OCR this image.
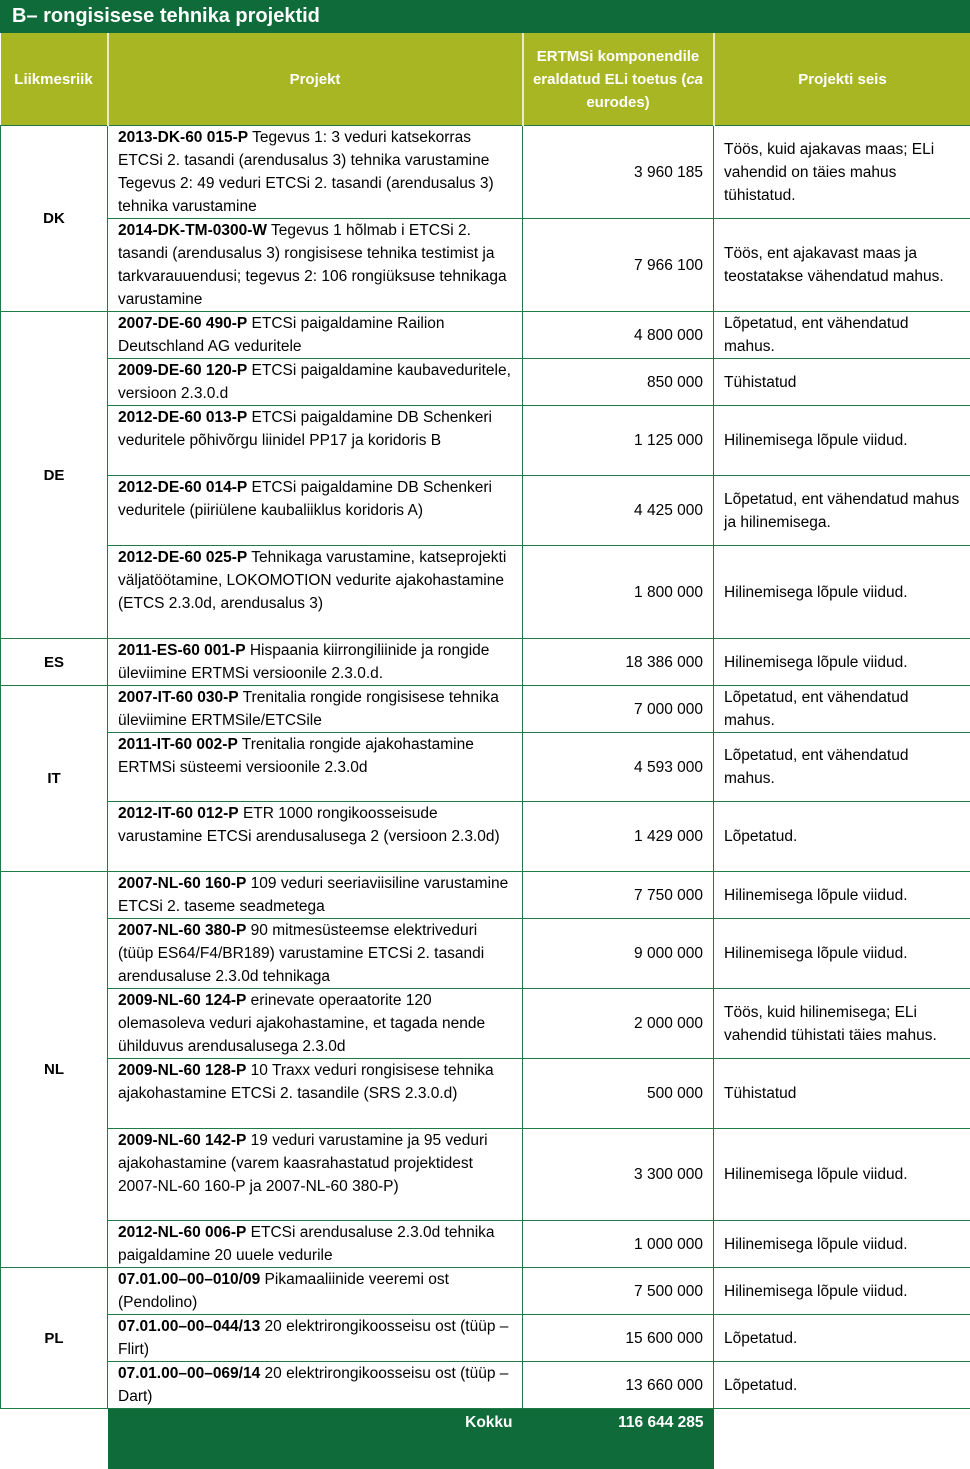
B– rongisisese tehnika projektid
Liikmesriik	Projekt	ERTMSi komponendile eraldatud ELi toetus (ca eurodes)	Projekti seis
DK	2013-DK-60 015-P Tegevus 1: 3 veduri katsekorras ETCSi 2. tasandi (arendusalus 3) tehnika varustamine Tegevus 2: 49 veduri ETCSi 2. tasandi (arendusalus 3) tehnika varustamine	3 960 185	Töös, kuid ajakavas maas; ELi vahendid on täies mahus tühistatud.
	2014-DK-TM-0300-W Tegevus 1 hõlmab i ETCSi 2. tasandi (arendusalus 3) rongisisese tehnika testimist ja tarkvarauuendusi; tegevus 2: 106 rongiüksuse tehnikaga varustamine	7 966 100	Töös, ent ajakavast maas ja teostatakse vähendatud mahus.
DE	2007-DE-60 490-P ETCSi paigaldamine Railion Deutschland AG veduritele	4 800 000	Lõpetatud, ent vähendatud mahus.
	2009-DE-60 120-P ETCSi paigaldamine kaubaveduritele, versioon 2.3.0.d	850 000	Tühistatud
	2012-DE-60 013-P ETCSi paigaldamine DB Schenkeri veduritele põhivõrgu liinidel PP17 ja koridoris B	1 125 000	Hilinemisega lõpule viidud.
	2012-DE-60 014-P ETCSi paigaldamine DB Schenkeri veduritele (piiriülene kaubaliiklus koridoris A)	4 425 000	Lõpetatud, ent vähendatud mahus ja hilinemisega.
	2012-DE-60 025-P Tehnikaga varustamine, katseprojekti väljatöötamine, LOKOMOTION vedurite ajakohastamine (ETCS 2.3.0d, arendusalus 3)	1 800 000	Hilinemisega lõpule viidud.
ES	2011-ES-60 001-P Hispaania kiirrongiliinide ja rongide üleviimine ERTMSi versioonile 2.3.0.d.	18 386 000	Hilinemisega lõpule viidud.
IT	2007-IT-60 030-P Trenitalia rongide rongisisese tehnika üleviimine ERTMSile/ETCSile	7 000 000	Lõpetatud, ent vähendatud mahus.
	2011-IT-60 002-P Trenitalia rongide ajakohastamine ERTMSi süsteemi versioonile 2.3.0d	4 593 000	Lõpetatud, ent vähendatud mahus.
	2012-IT-60 012-P ETR 1000 rongikoosseisude varustamine ETCSi arendusalusega 2 (versioon 2.3.0d)	1 429 000	Lõpetatud.
NL	2007-NL-60 160-P 109 veduri seeriaviisiline varustamine ETCSi 2. taseme seadmetega	7 750 000	Hilinemisega lõpule viidud.
	2007-NL-60 380-P 90 mitmesüsteemse elektriveduri (tüüp ES64/F4/BR189) varustamine ETCSi 2. tasandi arendusaluse 2.3.0d tehnikaga	9 000 000	Hilinemisega lõpule viidud.
	2009-NL-60 124-P erinevate operaatorite 120 olemasoleva veduri ajakohastamine, et tagada nende ühilduvus arendusalusega 2.3.0d	2 000 000	Töös, kuid hilinemisega; ELi vahendid tühistati täies mahus.
	2009-NL-60 128-P 10 Traxx veduri rongisisese tehnika ajakohastamine ETCSi 2. tasandile (SRS 2.3.0.d)	500 000	Tühistatud
	2009-NL-60 142-P 19 veduri varustamine ja 95 veduri ajakohastamine (varem kaasrahastatud projektidest 2007-NL-60 160-P ja 2007-NL-60 380-P)	3 300 000	Hilinemisega lõpule viidud.
	2012-NL-60 006-P ETCSi arendusaluse 2.3.0d tehnika paigaldamine 20 uuele vedurile	1 000 000	Hilinemisega lõpule viidud.
PL	07.01.00–00–010/09 Pikamaaliinide veeremi ost (Pendolino)	7 500 000	Hilinemisega lõpule viidud.
	07.01.00–00–044/13 20 elektrirongikoosseisu ost (tüüp – Flirt)	15 600 000	Lõpetatud.
	07.01.00–00–069/14 20 elektrirongikoosseisu ost (tüüp – Dart)	13 660 000	Lõpetatud.
	Kokku	116 644 285	
